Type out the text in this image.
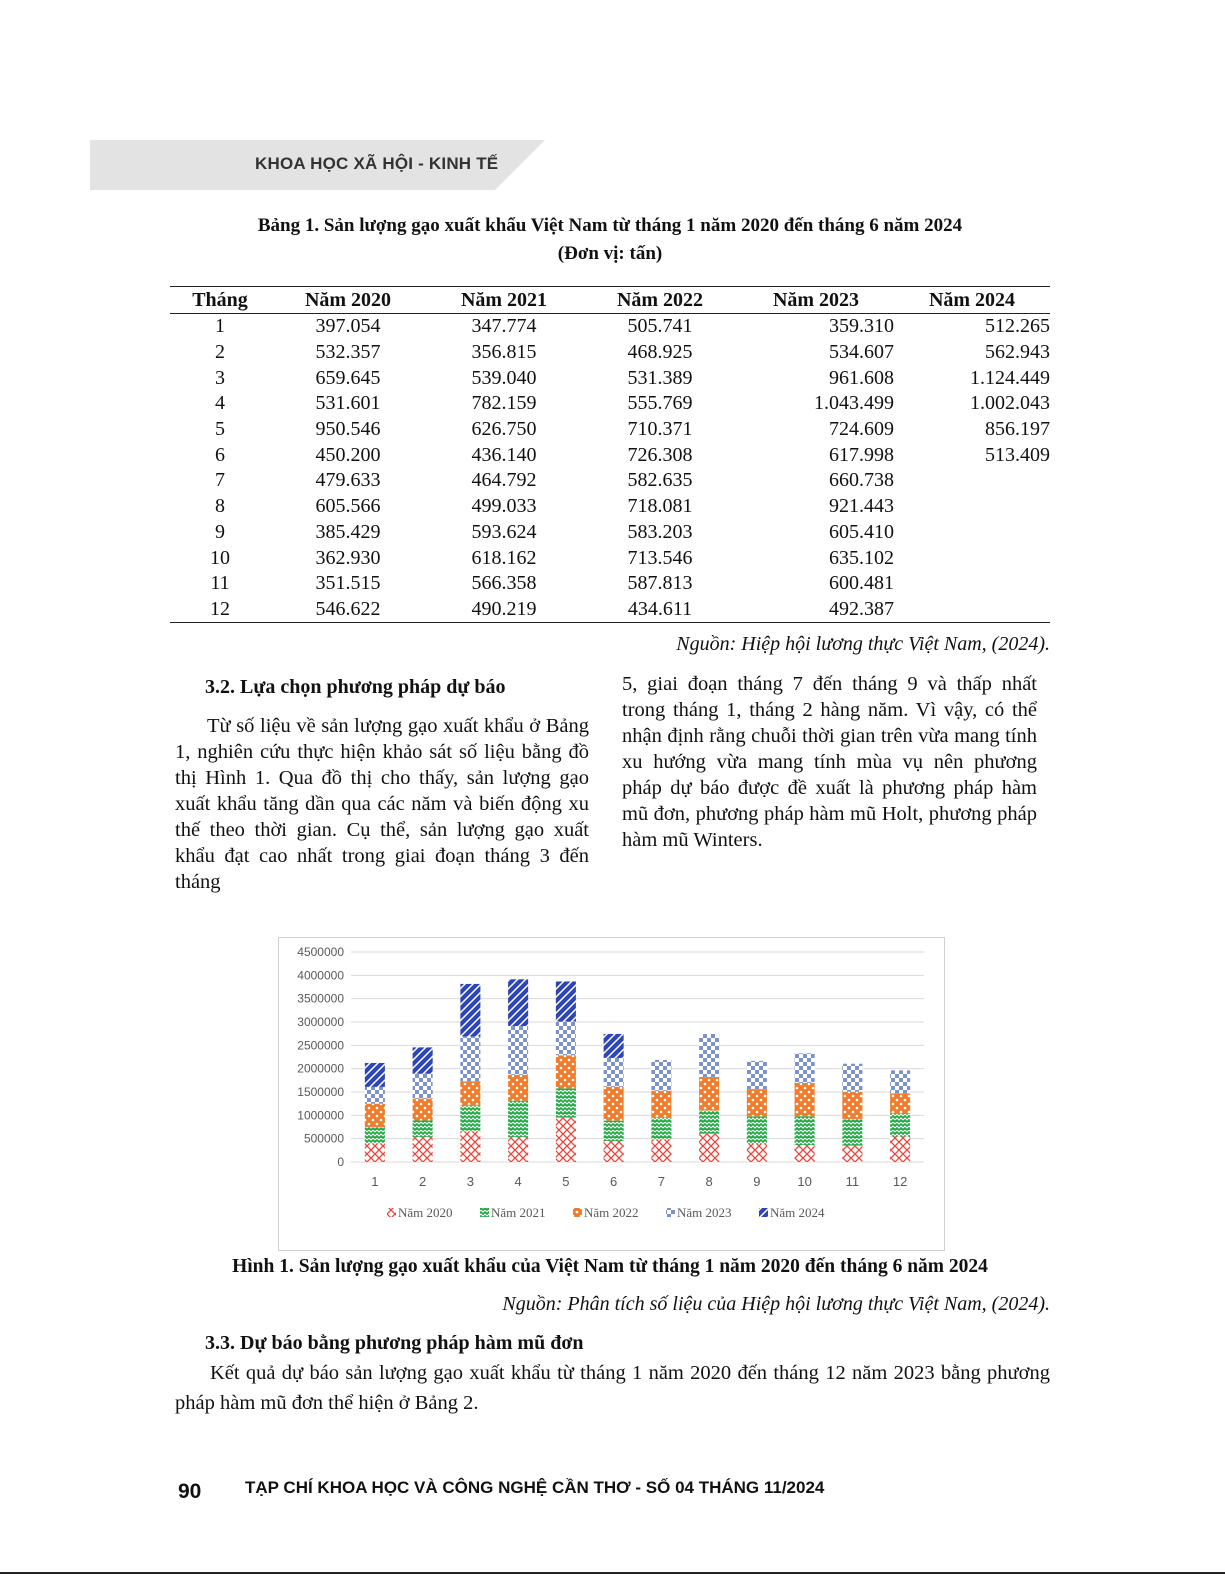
KHOA HỌC XÃ HỘI - KINH TẾ
Bảng 1. Sản lượng gạo xuất khẩu Việt Nam từ tháng 1 năm 2020 đến tháng 6 năm 2024
(Đơn vị: tấn)
Tháng	Năm 2020	Năm 2021	Năm 2022	Năm 2023	Năm 2024
1	397.054	347.774	505.741	359.310	512.265
2	532.357	356.815	468.925	534.607	562.943
3	659.645	539.040	531.389	961.608	1.124.449
4	531.601	782.159	555.769	1.043.499	1.002.043
5	950.546	626.750	710.371	724.609	856.197
6	450.200	436.140	726.308	617.998	513.409
7	479.633	464.792	582.635	660.738	
8	605.566	499.033	718.081	921.443	
9	385.429	593.624	583.203	605.410	
10	362.930	618.162	713.546	635.102	
11	351.515	566.358	587.813	600.481	
12	546.622	490.219	434.611	492.387	
Nguồn: Hiệp hội lương thực Việt Nam, (2024).
3.2. Lựa chọn phương pháp dự báo

Từ số liệu về sản lượng gạo xuất khẩu ở Bảng 1, nghiên cứu thực hiện khảo sát số liệu bằng đồ thị Hình 1. Qua đồ thị cho thấy, sản lượng gạo xuất khẩu tăng dần qua các năm và biến động xu thế theo thời gian. Cụ thể, sản lượng gạo xuất khẩu đạt cao nhất trong giai đoạn tháng 3 đến tháng

5, giai đoạn tháng 7 đến tháng 9 và thấp nhất trong tháng 1, tháng 2 hàng năm. Vì vậy, có thể nhận định rằng chuỗi thời gian trên vừa mang tính xu hướng vừa mang tính mùa vụ nên phương pháp dự báo được đề xuất là phương pháp hàm mũ đơn, phương pháp hàm mũ Holt, phương pháp hàm mũ Winters.

4500000
4000000
3500000
3000000
2500000
2000000
1500000
1000000
500000
0
1	2	3	4	5	6	7	8	9	10	11	12
Năm 2020	Năm 2021	Năm 2022	Năm 2023	Năm 2024
Hình 1. Sản lượng gạo xuất khẩu của Việt Nam từ tháng 1 năm 2020 đến tháng 6 năm 2024
Nguồn: Phân tích số liệu của Hiệp hội lương thực Việt Nam, (2024).
3.3. Dự báo bằng phương pháp hàm mũ đơn

Kết quả dự báo sản lượng gạo xuất khẩu từ tháng 1 năm 2020 đến tháng 12 năm 2023 bằng phương pháp hàm mũ đơn thể hiện ở Bảng 2.

90	TẠP CHÍ KHOA HỌC VÀ CÔNG NGHỆ CẦN THƠ - SỐ 04 THÁNG 11/2024
